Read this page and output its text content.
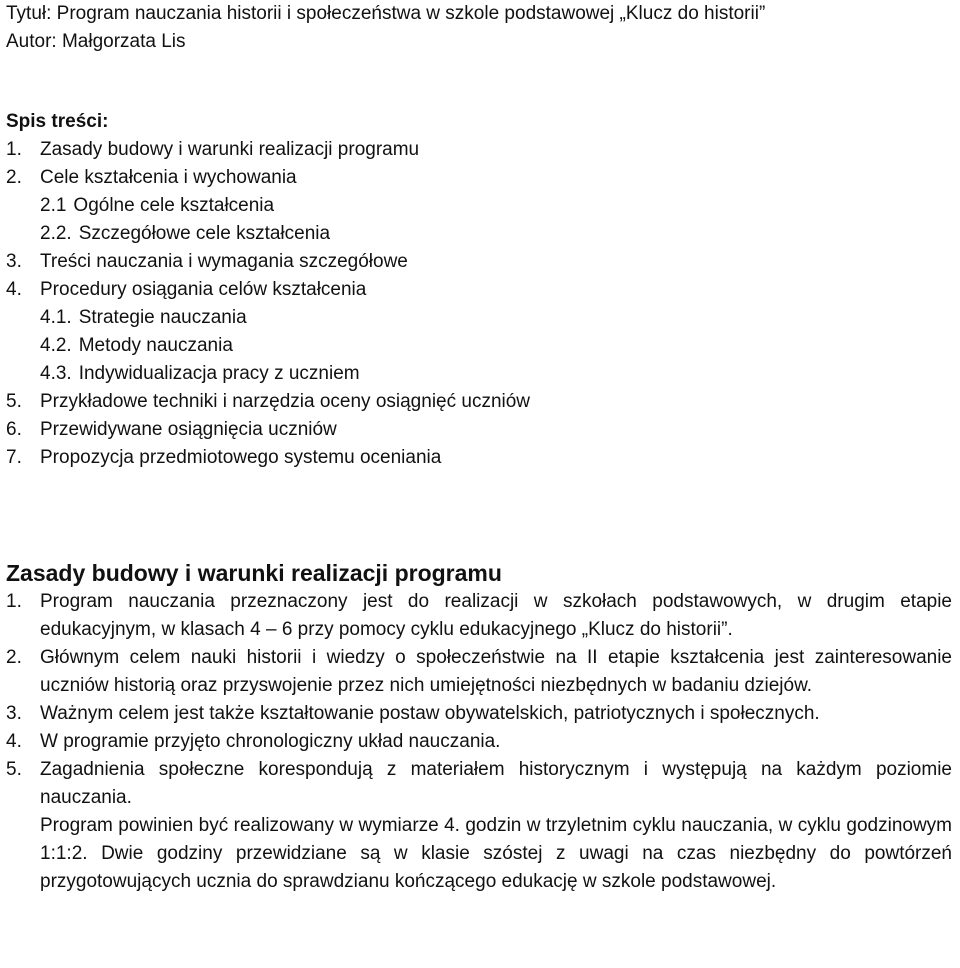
Tytuł: Program nauczania historii i społeczeństwa w szkole podstawowej „Klucz do historii”
Autor: Małgorzata Lis
Spis treści:
1. Zasady budowy i warunki realizacji programu
2. Cele kształcenia i wychowania
2.1 Ogólne cele kształcenia
2.2. Szczegółowe cele kształcenia
3. Treści nauczania i wymagania szczegółowe
4. Procedury osiągania celów kształcenia
4.1. Strategie nauczania
4.2. Metody nauczania
4.3. Indywidualizacja pracy z uczniem
5. Przykładowe techniki i narzędzia oceny osiągnięć uczniów
6. Przewidywane osiągnięcia uczniów
7. Propozycja przedmiotowego systemu oceniania
Zasady budowy i warunki realizacji programu
1. Program nauczania przeznaczony jest do realizacji w szkołach podstawowych, w drugim etapie edukacyjnym, w klasach 4 – 6 przy pomocy cyklu edukacyjnego „Klucz do historii”.
2. Głównym celem nauki historii i wiedzy o społeczeństwie na II etapie kształcenia jest zainteresowanie uczniów historią oraz przyswojenie przez nich umiejętności niezbędnych w badaniu dziejów.
3. Ważnym celem jest także kształtowanie postaw obywatelskich, patriotycznych i społecznych.
4. W programie przyjęto chronologiczny układ nauczania.
5. Zagadnienia społeczne korespondują z materiałem historycznym i występują na każdym poziomie nauczania.
Program powinien być realizowany w wymiarze 4. godzin w trzyletnim cyklu nauczania, w cyklu godzinowym 1:1:2. Dwie godziny przewidziane są w klasie szóstej z uwagi na czas niezbędny do powtórzeń przygotowujących ucznia do sprawdzianu kończącego edukację w szkole podstawowej.
